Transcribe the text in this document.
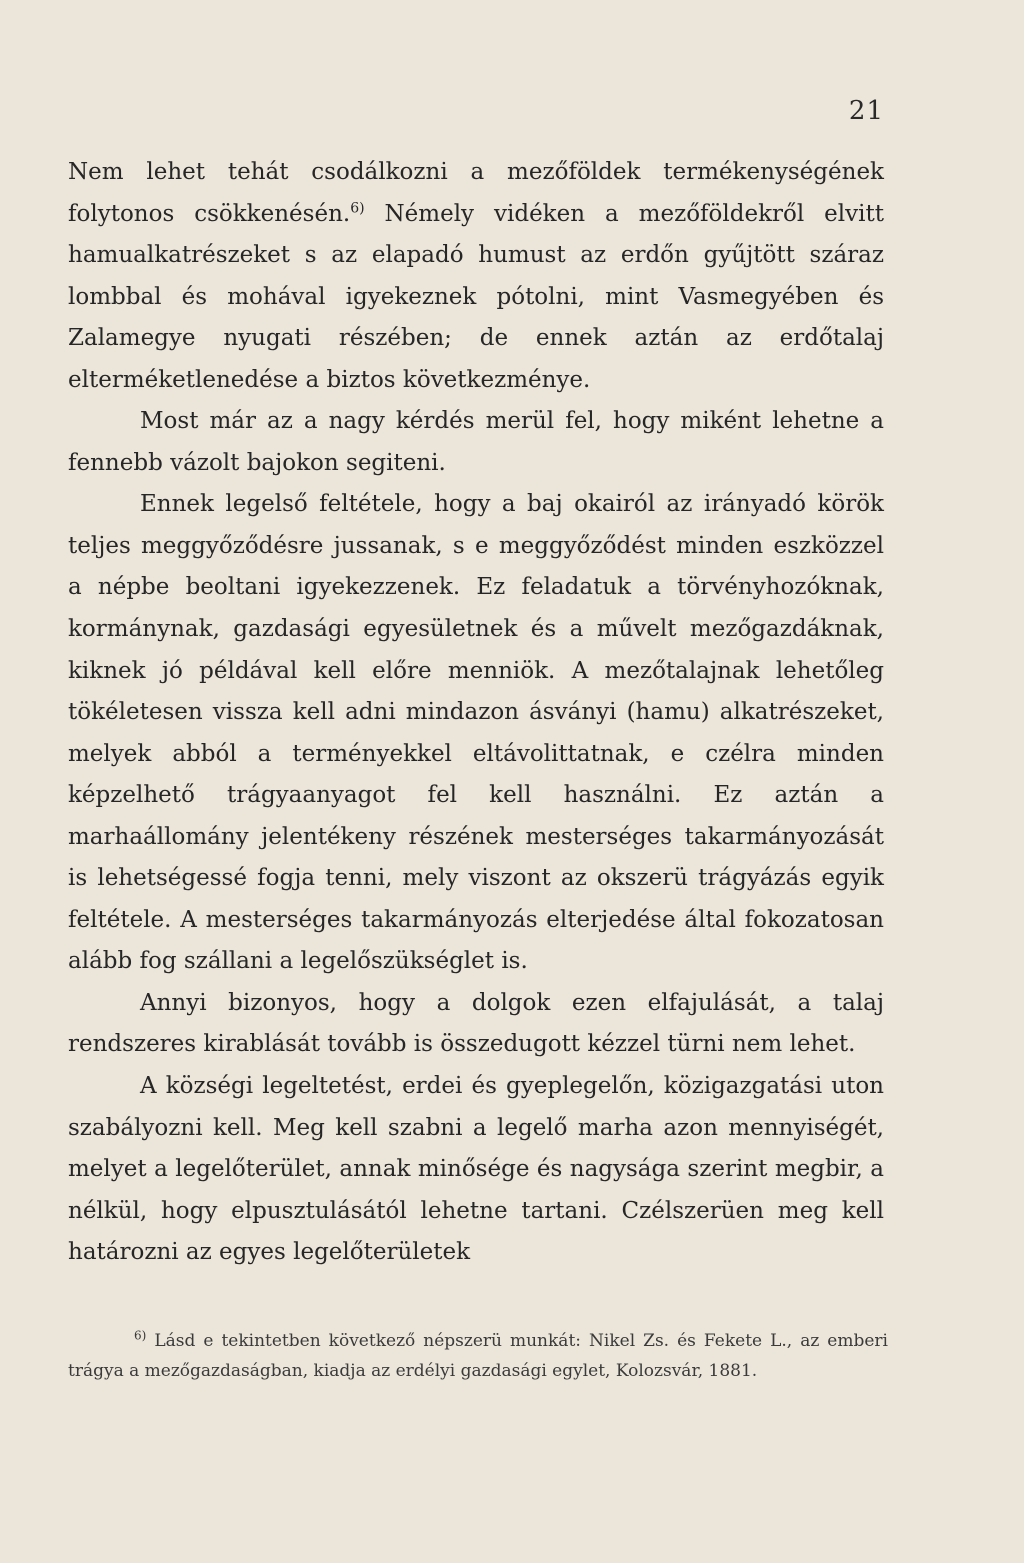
21

Nem lehet tehát csodálkozni a mezőföldek termékenységének folytonos csökkenésén.$^{6)}$ Némely vidéken a mezőföldekről elvitt hamualkatrészeket s az elapadó humust az erdőn gyűjtött száraz lombbal és mohával igyekeznek pótolni, mint Vasmegyében és Zalamegye nyugati részében; de ennek aztán az erdőtalaj elterméketlenedése a biztos következménye.

Most már az a nagy kérdés merül fel, hogy miként lehetne a fennebb vázolt bajokon segiteni.

Ennek legelső feltétele, hogy a baj okairól az irányadó körök teljes meggyőződésre jussanak, s e meggyőződést minden eszközzel a népbe beoltani igyekezzenek. Ez feladatuk a törvényhozóknak, kormánynak, gazdasági egyesületnek és a művelt mezőgazdáknak, kiknek jó példával kell előre menniök. A mezőtalajnak lehetőleg tökéletesen vissza kell adni mindazon ásványi (hamu) alkatrészeket, melyek abból a terményekkel eltávolittatnak, e czélra minden képzelhető trágyaanyagot fel kell használni. Ez aztán a marhaállomány jelentékeny részének mesterséges takarmányozását is lehetségessé fogja tenni, mely viszont az okszerü trágyázás egyik feltétele. A mesterséges takarmányozás elterjedése által fokozatosan alább fog szállani a legelőszükséglet is.

Annyi bizonyos, hogy a dolgok ezen elfajulását, a talaj rendszeres kirablását tovább is összedugott kézzel türni nem lehet.

A községi legeltetést, erdei és gyeplegelőn, közigazgatási uton szabályozni kell. Meg kell szabni a legelő marha azon mennyiségét, melyet a legelőterület, annak minősége és nagysága szerint megbir, a nélkül, hogy elpusztulásától lehetne tartani. Czélszerüen meg kell határozni az egyes legelőterületek

$^{6)}$ Lásd e tekintetben következő népszerü munkát: Nikel Zs. és Fekete L., az emberi trágya a mezőgazdaságban, kiadja az erdélyi gazdasági egylet, Kolozsvár, 1881.
